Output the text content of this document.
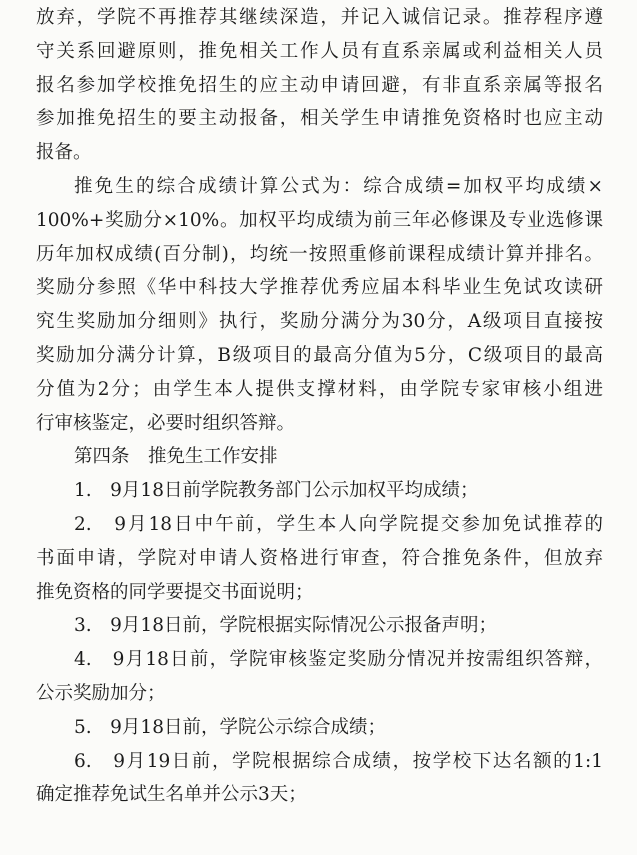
放弃，学院不再推荐其继续深造，并记入诚信记录。推荐程序遵
守关系回避原则，推免相关工作人员有直系亲属或利益相关人员
报名参加学校推免招生的应主动申请回避，有非直系亲属等报名
参加推免招生的要主动报备，相关学生申请推免资格时也应主动
报备。
推免生的综合成绩计算公式为：综合成绩=加权平均成绩×
100%+奖励分×10%。加权平均成绩为前三年必修课及专业选修课
历年加权成绩(百分制)，均统一按照重修前课程成绩计算并排名。
奖励分参照《华中科技大学推荐优秀应届本科毕业生免试攻读研
究生奖励加分细则》执行，奖励分满分为30分，A级项目直接按
奖励加分满分计算，B级项目的最高分值为5分，C级项目的最高
分值为2分；由学生本人提供支撑材料，由学院专家审核小组进
行审核鉴定，必要时组织答辩。
第四条　推免生工作安排
1.　9月18日前学院教务部门公示加权平均成绩；
2.　9月18日中午前，学生本人向学院提交参加免试推荐的
书面申请，学院对申请人资格进行审查，符合推免条件，但放弃
推免资格的同学要提交书面说明；
3.　9月18日前，学院根据实际情况公示报备声明；
4.　9月18日前，学院审核鉴定奖励分情况并按需组织答辩，
公示奖励加分；
5.　9月18日前，学院公示综合成绩；
6.　9月19日前，学院根据综合成绩，按学校下达名额的1:1
确定推荐免试生名单并公示3天；
